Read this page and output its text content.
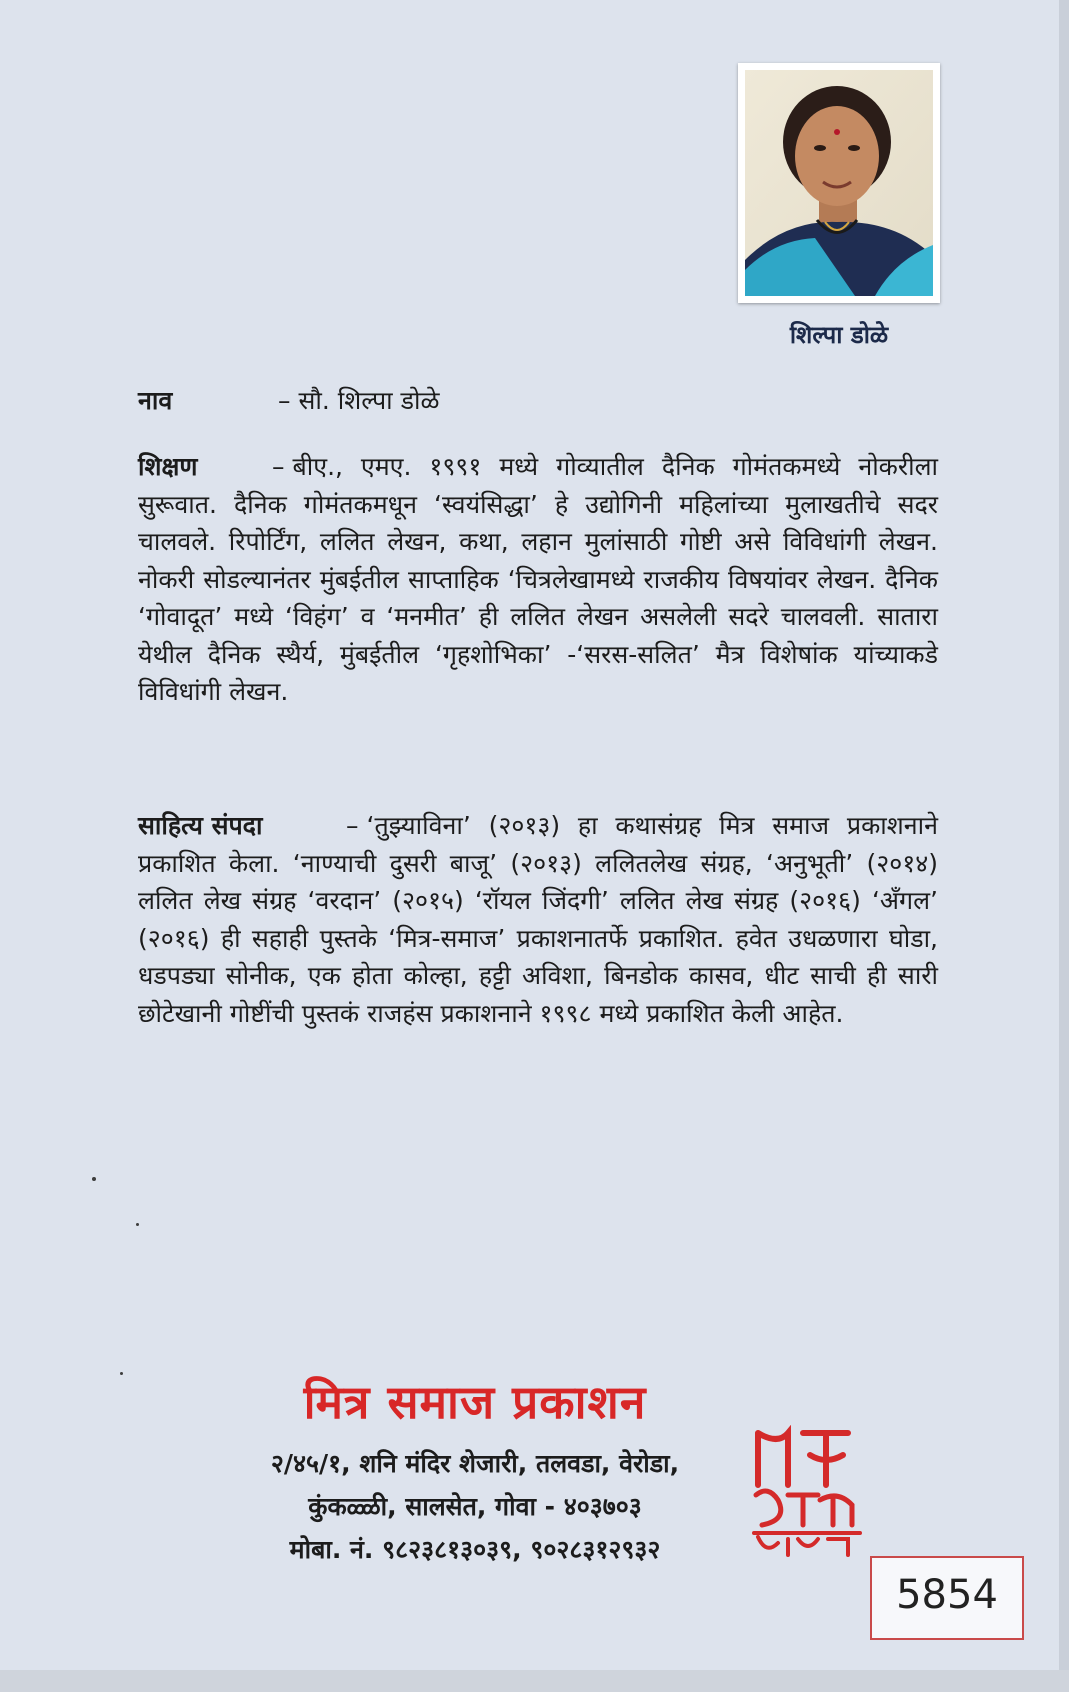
शिल्पा डोळे
नाव	– सौ. शिल्पा डोळे
शिक्षण	– बीए., एमए. १९९१ मध्ये गोव्यातील दैनिक गोमंतकमध्ये नोकरीला सुरूवात. दैनिक गोमंतकमधून ‘स्वयंसिद्धा’ हे उद्योगिनी महिलांच्या मुलाखतीचे सदर चालवले. रिपोर्टिंग, ललित लेखन, कथा, लहान मुलांसाठी गोष्टी असे विविधांगी लेखन. नोकरी सोडल्यानंतर मुंबईतील साप्ताहिक ‘चित्रलेखामध्ये राजकीय विषयांवर लेखन. दैनिक ‘गोवादूत’ मध्ये ‘विहंग’ व ‘मनमीत’ ही ललित लेखन असलेली सदरे चालवली. सातारा येथील दैनिक स्थैर्य, मुंबईतील ‘गृहशोभिका’ -‘सरस-सलित’ मैत्र विशेषांक यांच्याकडे विविधांगी लेखन.
साहित्य संपदा	– ‘तुझ्याविना’ (२०१३) हा कथासंग्रह मित्र समाज प्रकाशनाने प्रकाशित केला. ‘नाण्याची दुसरी बाजू’ (२०१३) ललितलेख संग्रह, ‘अनुभूती’ (२०१४) ललित लेख संग्रह ‘वरदान’ (२०१५) ‘रॉयल जिंदगी’ ललित लेख संग्रह (२०१६) ‘ॲंगल’ (२०१६) ही सहाही पुस्तके ‘मित्र-समाज’ प्रकाशनातर्फे प्रकाशित. हवेत उधळणारा घोडा, धडपड्या सोनीक, एक होता कोल्हा, हट्टी अविशा, बिनडोक कासव, धीट साची ही सारी छोटेखानी गोष्टींची पुस्तकं राजहंस प्रकाशनाने १९९८ मध्ये प्रकाशित केली आहेत.
मित्र समाज प्रकाशन
२/४५/१, शनि मंदिर शेजारी, तलवडा, वेरोडा,
कुंकळ्ळी, सालसेत, गोवा - ४०३७०३
मोबा. नं. ९८२३८१३०३९, ९०२८३१२९३२
5854
